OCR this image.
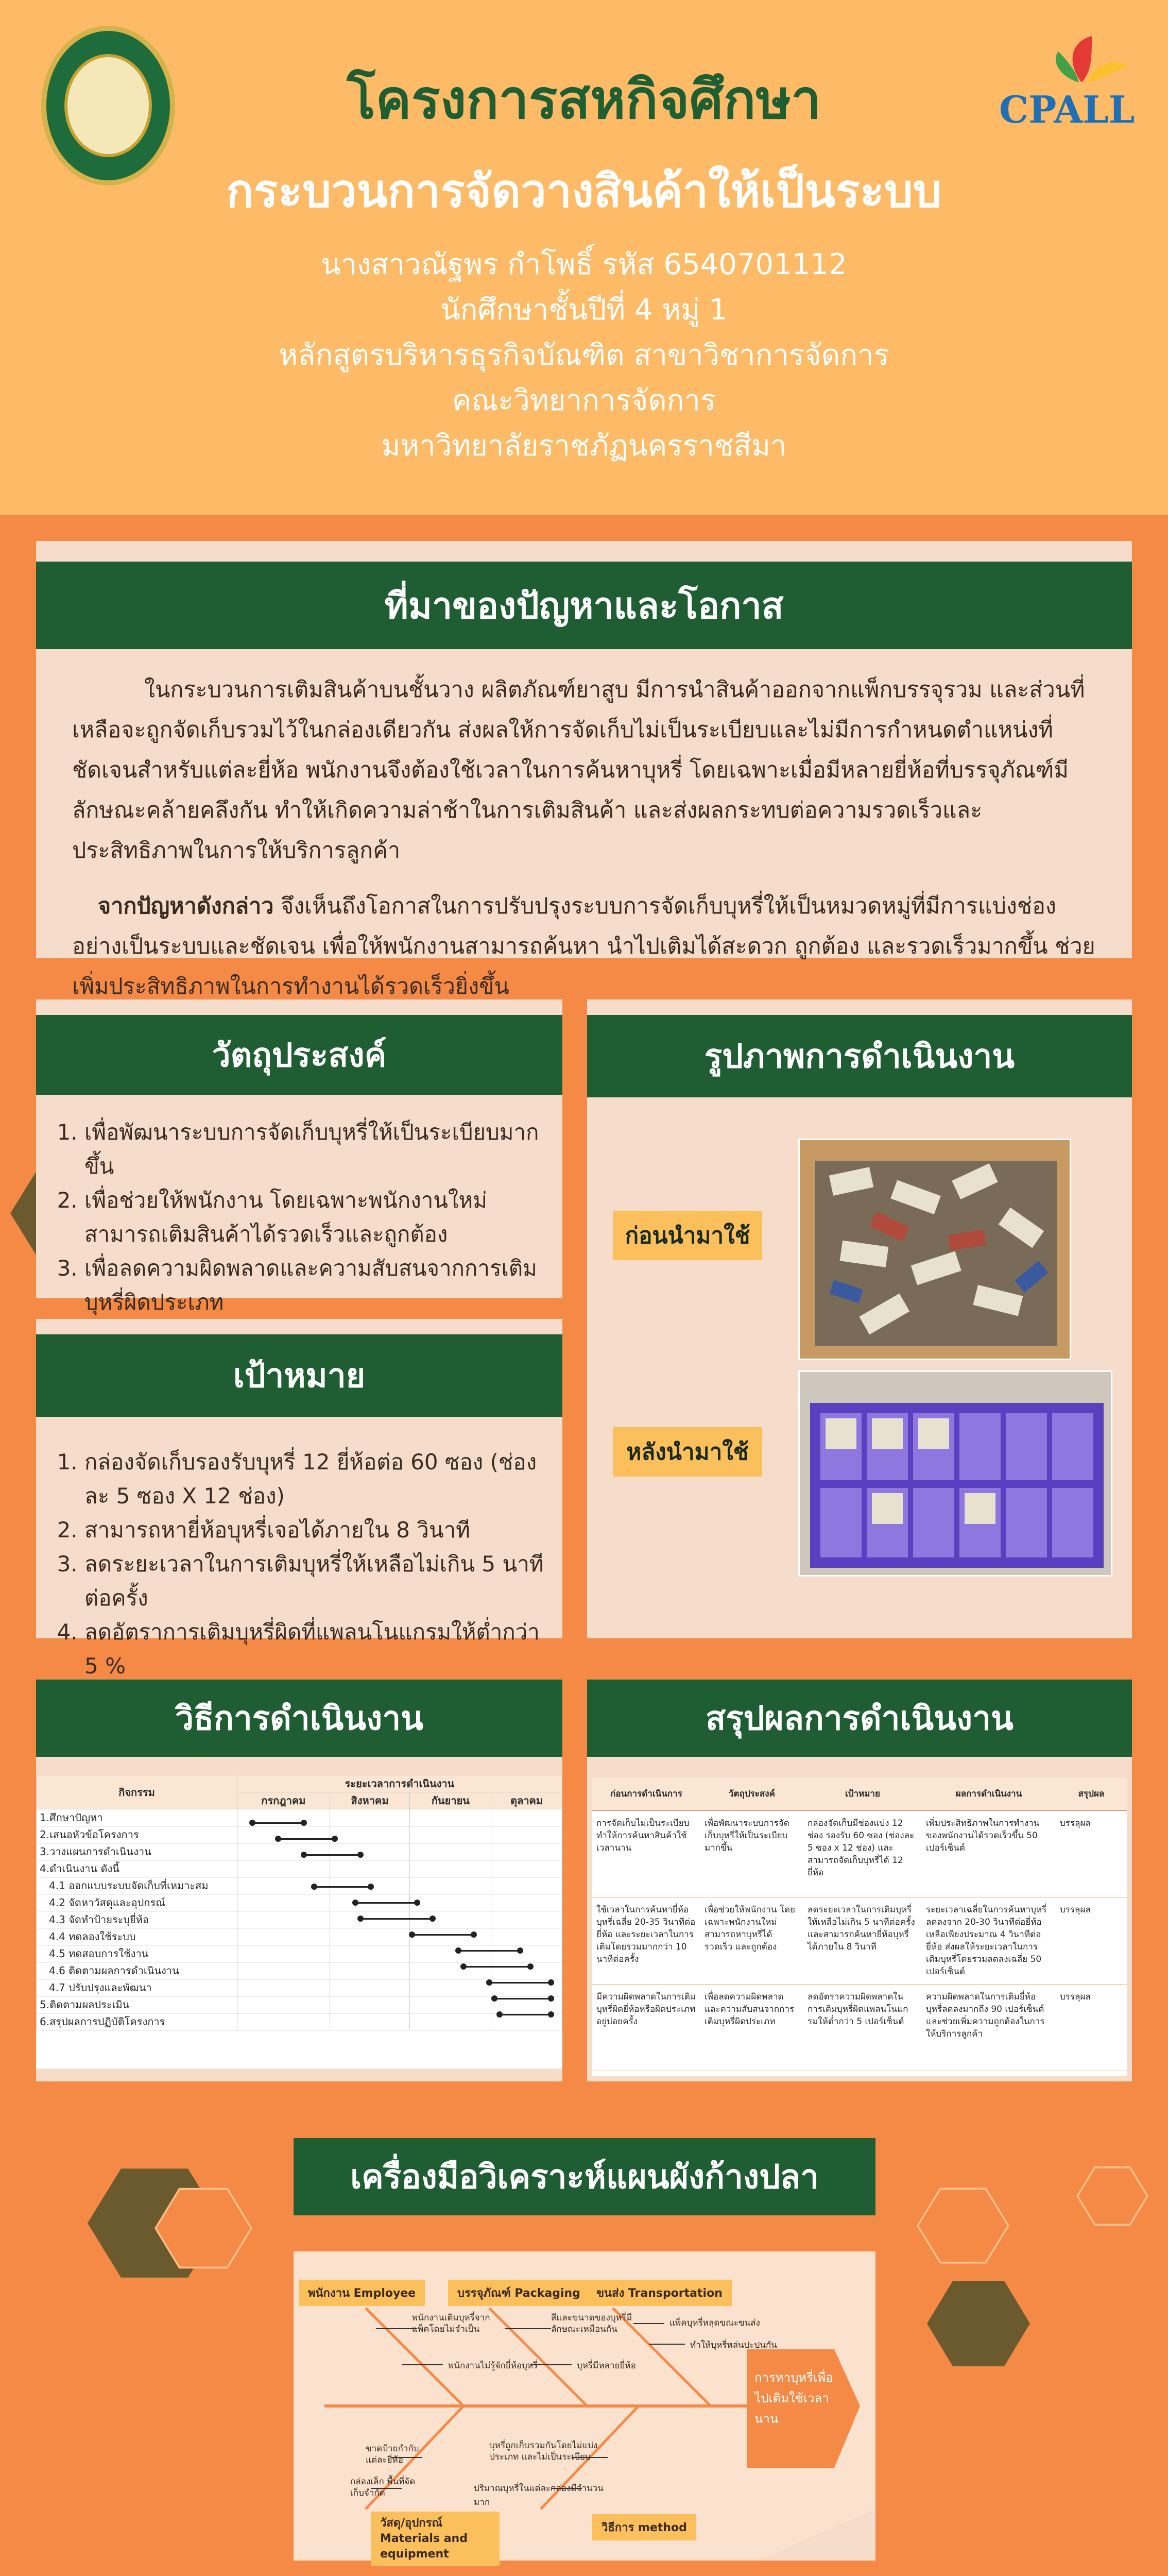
CPALL
โครงการสหกิจศึกษา
กระบวนการจัดวางสินค้าให้เป็นระบบ
นางสาวณัฐพร กำโพธิ์ รหัส 6540701112
นักศึกษาชั้นปีที่ 4 หมู่ 1
หลักสูตรบริหารธุรกิจบัณฑิต สาขาวิชาการจัดการ
คณะวิทยาการจัดการ
มหาวิทยาลัยราชภัฏนครราชสีมา
ที่มาของปัญหาและโอกาส

ในกระบวนการเติมสินค้าบนชั้นวาง ผลิตภัณฑ์ยาสูบ มีการนำสินค้าออกจากแพ็กบรรจุรวม และส่วนที่เหลือจะถูกจัดเก็บรวมไว้ในกล่องเดียวกัน ส่งผลให้การจัดเก็บไม่เป็นระเบียบและไม่มีการกำหนดตำแหน่งที่ชัดเจนสำหรับแต่ละยี่ห้อ พนักงานจึงต้องใช้เวลาในการค้นหาบุหรี่ โดยเฉพาะเมื่อมีหลายยี่ห้อที่บรรจุภัณฑ์มีลักษณะคล้ายคลึงกัน ทำให้เกิดความล่าช้าในการเติมสินค้า และส่งผลกระทบต่อความรวดเร็วและประสิทธิภาพในการให้บริการลูกค้า

จากปัญหาดังกล่าว จึงเห็นถึงโอกาสในการปรับปรุงระบบการจัดเก็บบุหรี่ให้เป็นหมวดหมู่ที่มีการแบ่งช่องอย่างเป็นระบบและชัดเจน เพื่อให้พนักงานสามารถค้นหา นำไปเติมได้สะดวก ถูกต้อง และรวดเร็วมากขึ้น ช่วยเพิ่มประสิทธิภาพในการทำงานได้รวดเร็วยิ่งขึ้น

วัตถุประสงค์
1. เพื่อพัฒนาระบบการจัดเก็บบุหรี่ให้เป็นระเบียบมากขึ้น
2. เพื่อช่วยให้พนักงาน โดยเฉพาะพนักงานใหม่ สามารถเติมสินค้าได้รวดเร็วและถูกต้อง
3. เพื่อลดความผิดพลาดและความสับสนจากการเติมบุหรี่ผิดประเภท
เป้าหมาย
1. กล่องจัดเก็บรองรับบุหรี่ 12 ยี่ห้อต่อ 60 ซอง (ช่องละ 5 ซอง X 12 ช่อง)
2. สามารถหายี่ห้อบุหรี่เจอได้ภายใน 8 วินาที
3. ลดระยะเวลาในการเติมบุหรี่ให้เหลือไม่เกิน 5 นาทีต่อครั้ง
4. ลดอัตราการเติมบุหรี่ผิดที่แพลนโนแกรมให้ต่ำกว่า 5 %
รูปภาพการดำเนินงาน
ก่อนนำมาใช้
หลังนำมาใช้
วิธีการดำเนินงาน
กิจกรรม	ระยะเวลาการดำเนินงาน			
	กรกฎาคม	สิงหาคม	กันยายน	ตุลาคม
1.ศึกษาปัญหา				
2.เสนอหัวข้อโครงการ				
3.วางแผนการดำเนินงาน				
4.ดำเนินงาน ดังนี้				
4.1 ออกแบบระบบจัดเก็บที่เหมาะสม				
4.2 จัดหาวัสดุและอุปกรณ์				
4.3 จัดทำป้ายระบุยี่ห้อ				
4.4 ทดลองใช้ระบบ				
4.5 ทดสอบการใช้งาน				
4.6 ติดตามผลการดำเนินงาน				
4.7 ปรับปรุงและพัฒนา				
5.ติดตามผลประเมิน				
6.สรุปผลการปฏิบัติโครงการ				
สรุปผลการดำเนินงาน
ก่อนการดำเนินการ	วัตถุประสงค์	เป้าหมาย	ผลการดำเนินงาน	สรุปผล
การจัดเก็บไม่เป็นระเบียบทำให้การค้นหาสินค้าใช้เวลานาน	เพื่อพัฒนาระบบการจัดเก็บบุหรี่ให้เป็นระเบียบมากขึ้น	กล่องจัดเก็บมีช่องแบ่ง 12 ช่อง รองรับ 60 ซอง (ช่องละ 5 ซอง x 12 ช่อง) และสามารถจัดเก็บบุหรี่ได้ 12 ยี่ห้อ	เพิ่มประสิทธิภาพในการทำงานของพนักงานได้รวดเร็วขึ้น 50 เปอร์เซ็นต์	บรรลุผล
ใช้เวลาในการค้นหายี่ห้อบุหรี่เฉลี่ย 20-35 วินาทีต่อยี่ห้อ และระยะเวลาในการเติมโดยรวมมากกว่า 10 นาทีต่อครั้ง	เพื่อช่วยให้พนักงาน โดยเฉพาะพนักงานใหม่สามารถหาบุหรี่ได้รวดเร็ว และถูกต้อง	ลดระยะเวลาในการเติมบุหรี่ให้เหลือไม่เกิน 5 นาทีต่อครั้ง และสามารถค้นหายี่ห้อบุหรี่ได้ภายใน 8 วินาที	ระยะเวลาเฉลี่ยในการค้นหาบุหรี่ลดลงจาก 20-30 วินาทีต่อยี่ห้อ เหลือเพียงประมาณ 4 วินาทีต่อยี่ห้อ ส่งผลให้ระยะเวลาในการเติมบุหรี่โดยรวมลดลงเฉลี่ย 50 เปอร์เซ็นต์	บรรลุผล
มีความผิดพลาดในการเติมบุหรี่ผิดยี่ห้อหรือผิดประเภทอยู่บ่อยครั้ง	เพื่อลดความผิดพลาดและความสับสนจากการเติมบุหรี่ผิดประเภท	ลดอัตราความผิดพลาดในการเติมบุหรี่ผิดแพลนโนแกรมให้ต่ำกว่า 5 เปอร์เซ็นต์	ความผิดพลาดในการเติมยี่ห้อบุหรี่ลดลงมากถึง 90 เปอร์เซ็นต์ และช่วยเพิ่มความถูกต้องในการให้บริการลูกค้า	บรรลุผล
เครื่องมือวิเคราะห์แผนผังก้างปลา
พนักงาน Employee	บรรจุภัณฑ์ Packaging	ขนส่ง Transportation
วัสดุ/อุปกรณ์ Materials and equipment
วิธีการ method
การหาบุหรี่เพื่อไปเติมใช้เวลานาน
พนักงานเติมบุหรี่จากแพ็คโดยไม่จำเป็น
พนักงานไม่รู้จักยี่ห้อบุหรี่
สีและขนาดของบุหรี่มีลักษณะเหมือนกัน
บุหรี่มีหลายยี่ห้อ
แพ็คบุหรี่หลุดขณะขนส่ง
ทำให้บุหรี่หล่นปะปนกัน
ขาดป้ายกำกับแต่ละยี่ห้อ
กล่องเล็ก พื้นที่จัดเก็บจำกัด
บุหรี่ถูกเก็บรวมกันโดยไม่แบ่งประเภท และไม่เป็นระเบียบ
ปริมาณบุหรี่ในแต่ละกล่องมีจำนวนมาก
